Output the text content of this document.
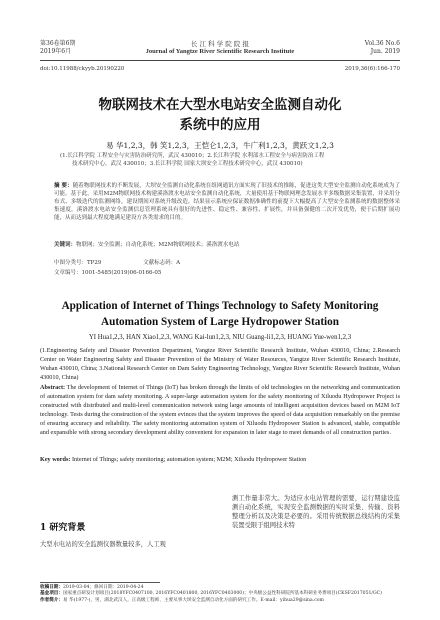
第36卷第6期
2019年6月
长 江 科 学 院 院 报
Journal of Yangtze River Scientific Research Institute
Vol.36 No.6
Jun. 2019
doi:10.11988/ckyyb.20190220	2019,36(6):166-170
物联网技术在大型水电站安全监测自动化
系统中的应用
易 华1,2,3，韩 笑1,2,3，王恺仑1,2,3，牛广利1,2,3，黄跃文1,2,3
(1.长江科学院 工程安全与灾害防治研究所，武汉 430010；2.长江科学院 水利部水工程安全与病害防治工程
技术研究中心，武汉 430010；3.长江科学院 国家大坝安全工程技术研究中心，武汉 430010)
摘 要：随着物联网技术的不断发展，大坝安全监测自动化系统在组网通讯方面实现了旧技术的推陈，促进这类大型安全监测自动化系统成为了可能。基于此，采用M2M物联网技术构建溪洛渡水电站安全监测自动化系统，大量使用基于物联网理念发展水平多级数据采集装置，并采用分布式、多级迭代的监测网络，建设期间对系统升级改造，结果显示系统应保证数据准确性的前提下大幅提高了大型安全监测系统的数据整体采集速度。溪洛渡水电站安全监测信息管理系统具有很好的先进性、稳定性、兼容性、扩展性，并具备强健的二次开发优势，便于后期扩展功能，从而达到最大程度地满足建设方各类需求的目的。
关键词：物联网；安全监测；自动化系统；M2M物联网技术；溪洛渡水电站
中图分类号：TP29	文献标志码：A
文章编号：1001-5485(2019)06-0166-05
Application of Internet of Things Technology to Safety Monitoring
Automation System of Large Hydropower Station
YI Hua1,2,3, HAN Xiao1,2,3, WANG Kai-lun1,2,3, NIU Guang-li1,2,3, HUANG Yue-wen1,2,3
(1.Engineering Safety and Disaster Prevention Department, Yangtze River Scientific Research Institute, Wuhan 430010, China; 2.Research Center on Water Engineering Safety and Disaster Prevention of the Ministry of Water Resources, Yangtze River Scientific Research Institute, Wuhan 430010, China; 3.National Research Center on Dam Safety Engineering Technology, Yangtze River Scientific Research Institute, Wuhan 430010, China)
Abstract: The development of Internet of Things (IoT) has broken through the limits of old technologies on the networking and communication of automation system for dam safety monitoring. A super-large automation system for the safety monitoring of Xiluodu Hydropower Project is constructed with distributed and multi-level communication network using large amounts of intelligent acquisition devices based on M2M IoT technology. Tests during the construction of the system evinces that the system improves the speed of data acquisition remarkably on the premise of ensuring accuracy and reliability. The safety monitoring automation system of Xiluodu Hydropower Station is advanced, stable, compatible and expansible with strong secondary development ability convenient for expansion in later stage to meet demands of all construction parties.
Key words: Internet of Things; safety monitoring; automation system; M2M; Xiluodu Hydropower Station
测工作量非常大。为适应水电站管理的需要，运行期建设监测自动化系统，实现安全监测数据的实时采集、传输、资料整理分析以及决策是必要的。采用传统数据总线结构的采集装置受限于组网技术特
1 研究背景
大型水电站的安全监测仪器数量较多，人工观
收稿日期：2019-03-04；修回日期：2019-04-24
基金项目：国家重点研发计划项目(2018YFC0407100, 2016YFC0401800, 2016YFC0403000)；中央级公益性科研院所基本科研业务费项目(CKSF2017051/GC)
作者简介：易 华(1977-)，男，湖北武汉人，正高级工程师，主要从事大坝安全监测自动化方面的研究工作。E-mail：yihua29@sina.com
